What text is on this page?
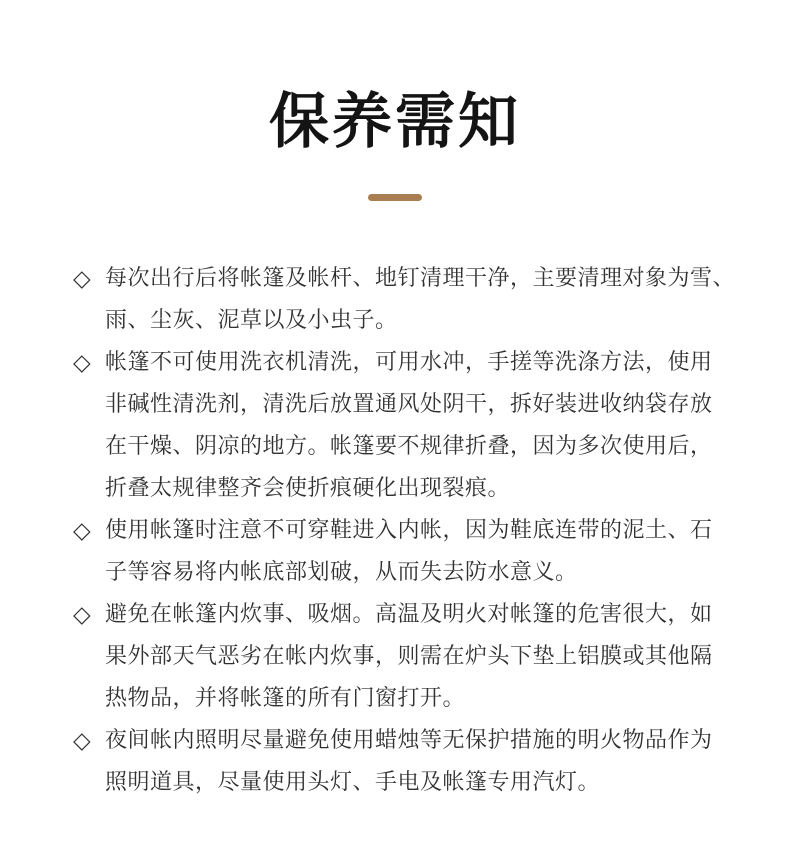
保养需知
◇ 每次出行后将帐篷及帐杆、地钉清理干净，主要清理对象为雪、
雨、尘灰、泥草以及小虫子。
◇ 帐篷不可使用洗衣机清洗，可用水冲，手搓等洗涤方法，使用
非碱性清洗剂，清洗后放置通风处阴干，拆好装进收纳袋存放
在干燥、阴凉的地方。帐篷要不规律折叠，因为多次使用后，
折叠太规律整齐会使折痕硬化出现裂痕。
◇ 使用帐篷时注意不可穿鞋进入内帐，因为鞋底连带的泥土、石
子等容易将内帐底部划破，从而失去防水意义。
◇ 避免在帐篷内炊事、吸烟。高温及明火对帐篷的危害很大，如
果外部天气恶劣在帐内炊事，则需在炉头下垫上铝膜或其他隔
热物品，并将帐篷的所有门窗打开。
◇ 夜间帐内照明尽量避免使用蜡烛等无保护措施的明火物品作为
照明道具，尽量使用头灯、手电及帐篷专用汽灯。
